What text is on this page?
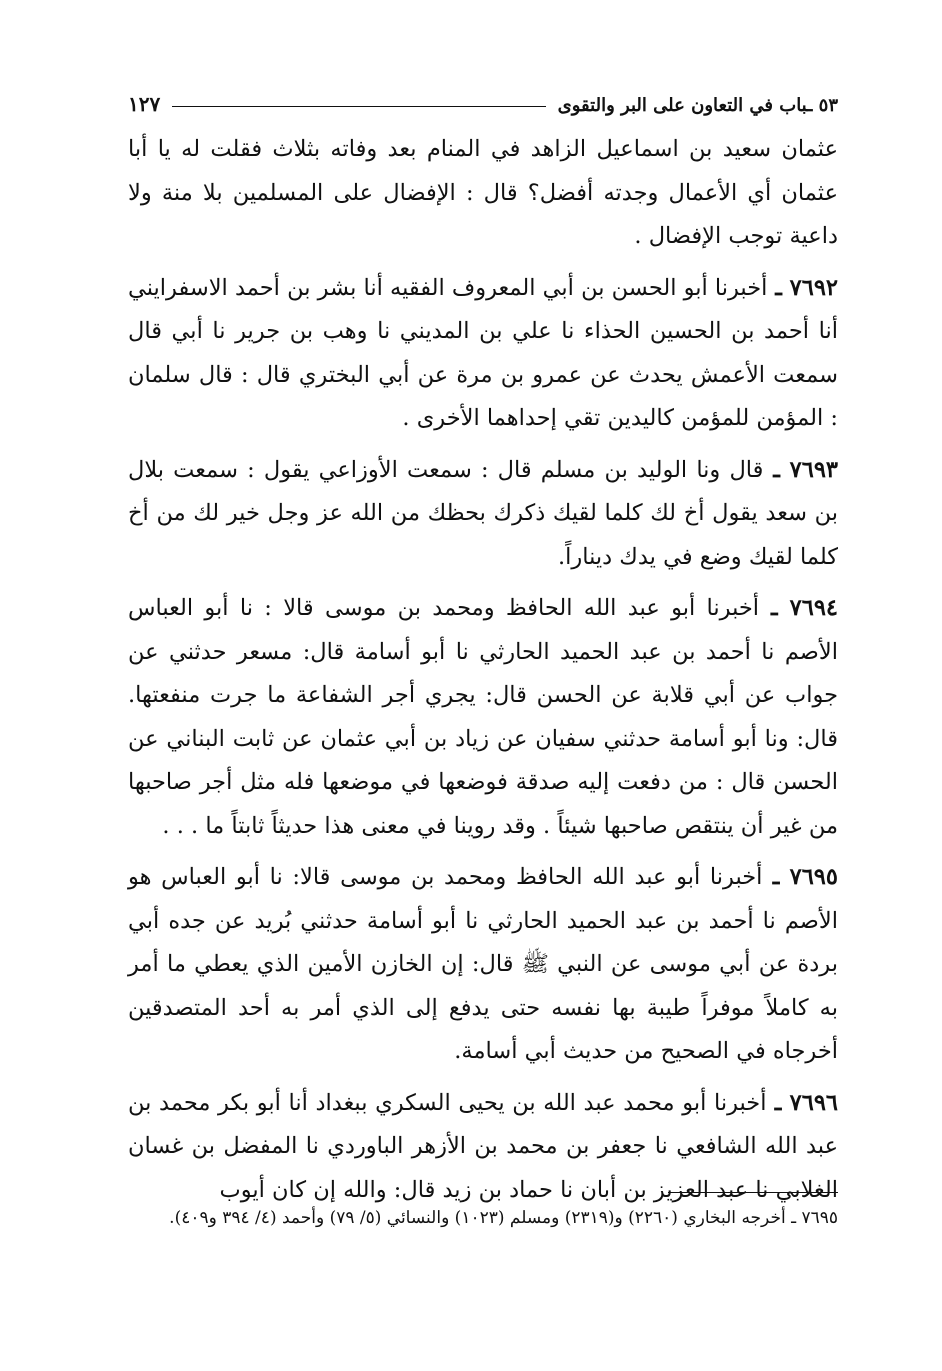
٥٣ ـباب في التعاون على البر والتقوى
١٢٧

عثمان سعيد بن اسماعيل الزاهد في المنام بعد وفاته بثلاث فقلت له يا أبا عثمان أي الأعمال وجدته أفضل؟ قال : الإفضال على المسلمين بلا منة ولا داعية توجب الإفضال .

٧٦٩٢ ـ أخبرنا أبو الحسن بن أبي المعروف الفقيه أنا بشر بن أحمد الاسفرايني أنا أحمد بن الحسين الحذاء نا علي بن المديني نا وهب بن جرير نا أبي قال سمعت الأعمش يحدث عن عمرو بن مرة عن أبي البختري قال : قال سلمان : المؤمن للمؤمن كاليدين تقي إحداهما الأخرى .

٧٦٩٣ ـ قال ونا الوليد بن مسلم قال : سمعت الأوزاعي يقول : سمعت بلال بن سعد يقول أخ لك كلما لقيك ذكرك بحظك من الله عز وجل خير لك من أخ كلما لقيك وضع في يدك ديناراً.

٧٦٩٤ ـ أخبرنا أبو عبد الله الحافظ ومحمد بن موسى قالا : نا أبو العباس الأصم نا أحمد بن عبد الحميد الحارثي نا أبو أسامة قال: مسعر حدثني عن جواب عن أبي قلابة عن الحسن قال: يجري أجر الشفاعة ما جرت منفعتها. قال: ونا أبو أسامة حدثني سفيان عن زياد بن أبي عثمان عن ثابت البناني عن الحسن قال : من دفعت إليه صدقة فوضعها في موضعها فله مثل أجر صاحبها من غير أن ينتقص صاحبها شيئاً . وقد روينا في معنى هذا حديثاً ثابتاً ما . . .

٧٦٩٥ ـ أخبرنا أبو عبد الله الحافظ ومحمد بن موسى قالا: نا أبو العباس هو الأصم نا أحمد بن عبد الحميد الحارثي نا أبو أسامة حدثني بُريد عن جده أبي بردة عن أبي موسى عن النبي ﷺ قال: إن الخازن الأمين الذي يعطي ما أمر به كاملاً موفراً طيبة بها نفسه حتى يدفع إلى الذي أمر به أحد المتصدقين أخرجاه في الصحيح من حديث أبي أسامة.

٧٦٩٦ ـ أخبرنا أبو محمد عبد الله بن يحيى السكري ببغداد أنا أبو بكر محمد بن عبد الله الشافعي نا جعفر بن محمد بن الأزهر الباوردي نا المفضل بن غسان الغلابي نا عبد العزيز بن أبان نا حماد بن زيد قال: والله إن كان أيوب

٧٦٩٥ ـ أخرجه البخاري (٢٢٦٠) و(٢٣١٩) ومسلم (١٠٢٣) والنسائي (٥/ ٧٩) وأحمد (٤/ ٣٩٤ و٤٠٩).
